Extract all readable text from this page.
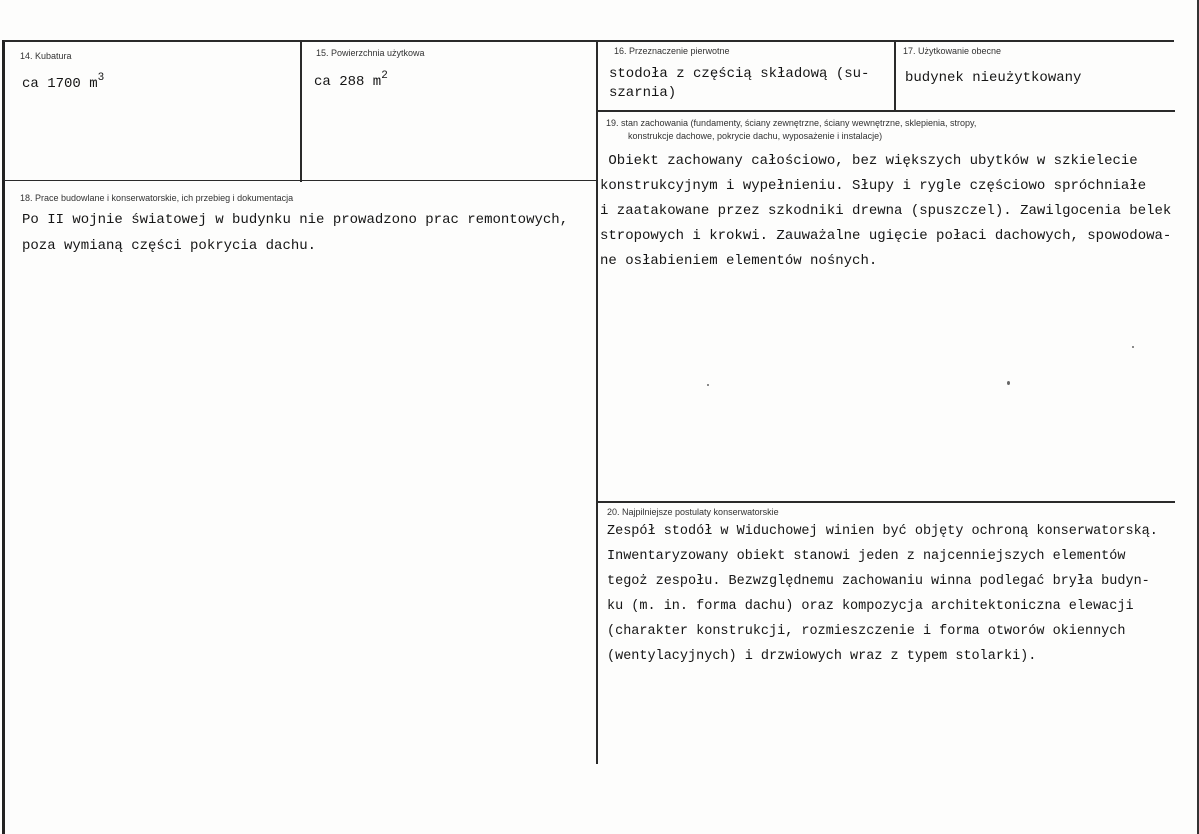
14. Kubatura
ca 1700 $m^3$
15. Powierzchnia użytkowa
ca 288 $m^2$
16. Przeznaczenie pierwotne
stodoła z częścią składową (su-
szarnia)
17. Użytkowanie obecne
budynek nieużytkowany
18. Prace budowlane i konserwatorskie, ich przebieg i dokumentacja
Po II wojnie światowej w budynku nie prowadzono prac remontowych,
poza wymianą części pokrycia dachu.
19. stan zachowania (fundamenty, ściany zewnętrzne, ściany wewnętrzne, sklepienia, stropy,
konstrukcje dachowe, pokrycie dachu, wyposażenie i instalacje)
Obiekt zachowany całościowo, bez większych ubytków w szkielecie
konstrukcyjnym i wypełnieniu. Słupy i rygle częściowo spróchniałe
i zaatakowane przez szkodniki drewna (spuszczel). Zawilgocenia belek
stropowych i krokwi. Zauważalne ugięcie połaci dachowych, spowodowa-
ne osłabieniem elementów nośnych.
20. Najpilniejsze postulaty konserwatorskie
Zespół stodół w Widuchowej winien być objęty ochroną konserwatorską.
Inwentaryzowany obiekt stanowi jeden z najcenniejszych elementów
tegoż zespołu. Bezwzględnemu zachowaniu winna podlegać bryła budyn-
ku (m. in. forma dachu) oraz kompozycja architektoniczna elewacji
(charakter konstrukcji, rozmieszczenie i forma otworów okiennych
(wentylacyjnych) i drzwiowych wraz z typem stolarki).
